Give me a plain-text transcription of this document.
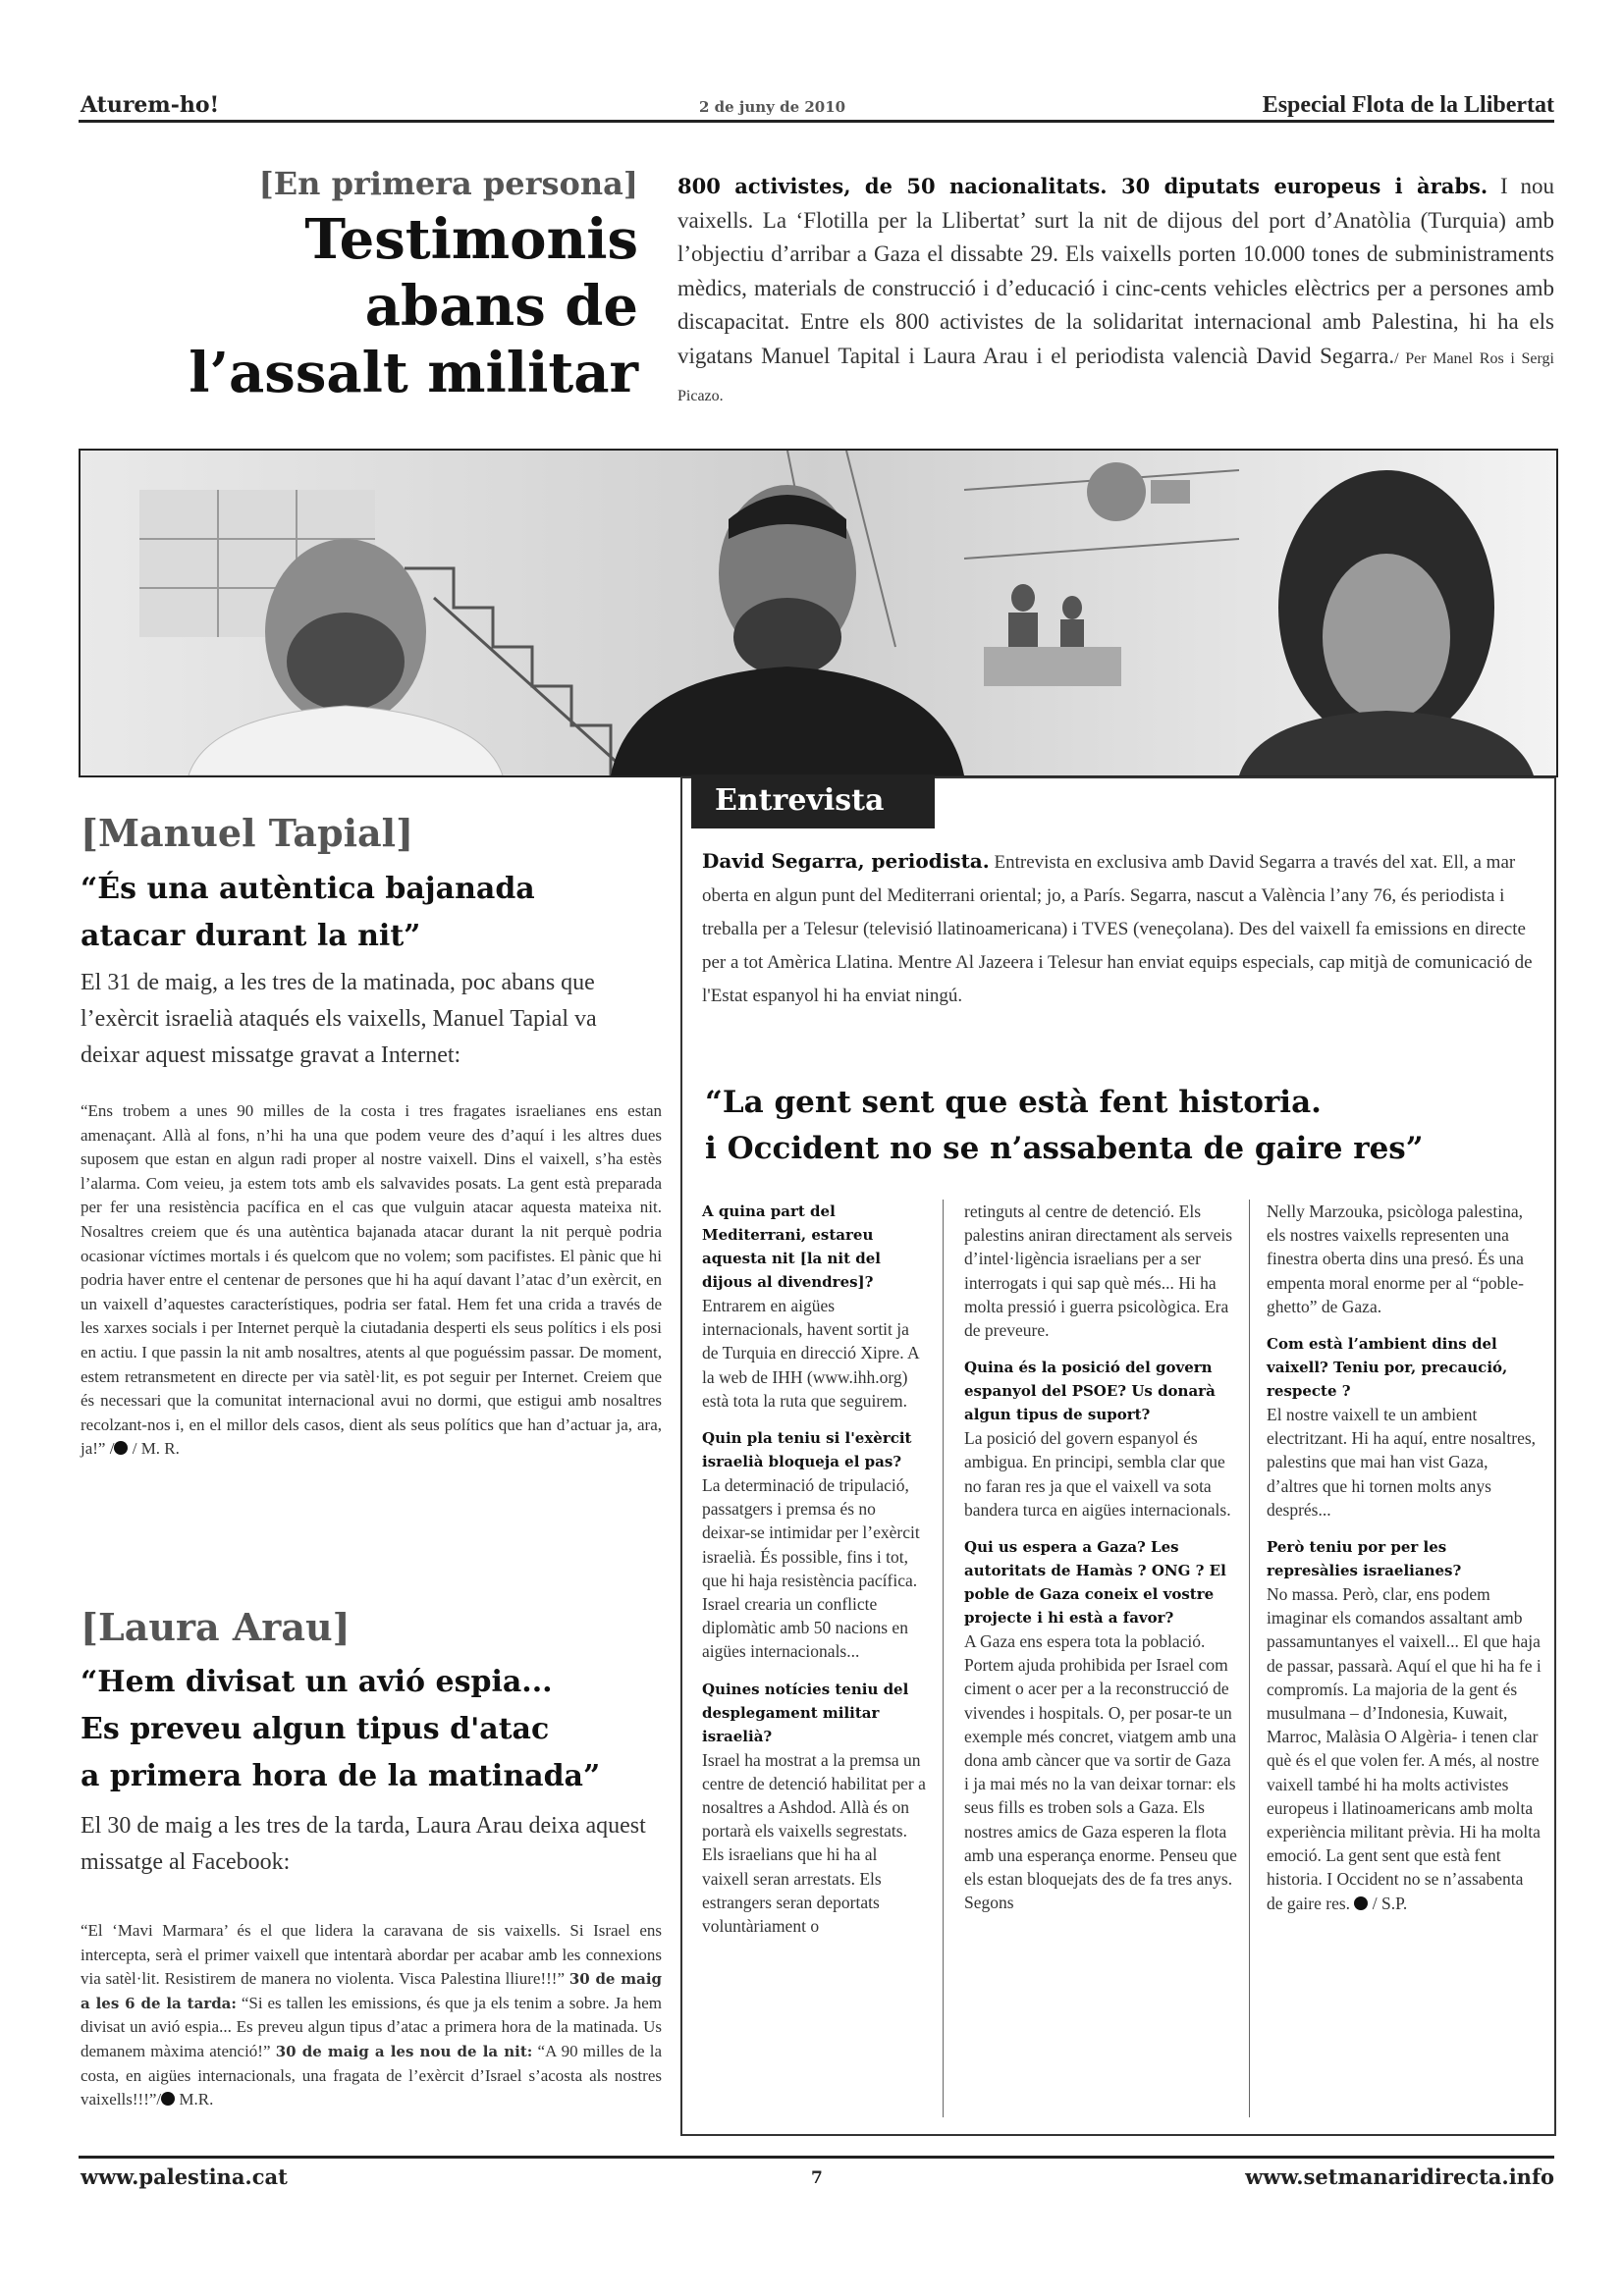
Aturem-ho!	2 de juny de 2010	Especial Flota de la Llibertat
[En primera persona]
Testimonis
abans de
l’assalt militar
800 activistes, de 50 nacionalitats. 30 diputats europeus i àrabs. I nou vaixells. La ‘Flotilla per la Llibertat’ surt la nit de dijous del port d’Anatòlia (Turquia) amb l’objectiu d’arribar a Gaza el dissabte 29. Els vaixells porten 10.000 tones de subministraments mèdics, materials de construcció i d’educació i cinc-cents vehicles elèctrics per a persones amb discapacitat. Entre els 800 activistes de la solidaritat internacional amb Palestina, hi ha els vigatans Manuel Tapital i Laura Arau i el periodista valencià David Segarra./ Per Manel Ros i Sergi Picazo.
[Manuel Tapial]
“És una autèntica bajanada
atacar durant la nit”
El 31 de maig, a les tres de la matinada, poc abans que l’exèrcit israelià ataqués els vaixells, Manuel Tapial va deixar aquest missatge gravat a Internet:

“Ens trobem a unes 90 milles de la costa i tres fragates israelianes ens estan amenaçant. Allà al fons, n’hi ha una que podem veure des d’aquí i les altres dues suposem que estan en algun radi proper al nostre vaixell. Dins el vaixell, s’ha estès l’alarma. Com veieu, ja estem tots amb els salvavides posats. La gent està preparada per fer una resistència pacífica en el cas que vulguin atacar aquesta mateixa nit. Nosaltres creiem que és una autèntica bajanada atacar durant la nit perquè podria ocasionar víctimes mortals i és quelcom que no volem; som pacifistes. El pànic que hi podria haver entre el centenar de persones que hi ha aquí davant l’atac d’un exèrcit, en un vaixell d’aquestes característiques, podria ser fatal. Hem fet una crida a través de les xarxes socials i per Internet perquè la ciutadania desperti els seus polítics i els posi en actiu. I que passin la nit amb nosaltres, atents al que poguéssim passar. De moment, estem retransmetent en directe per via satèl·lit, es pot seguir per Internet. Creiem que és necessari que la comunitat internacional avui no dormi, que estigui amb nosaltres recolzant-nos i, en el millor dels casos, dient als seus polítics que han d’actuar ja, ara, ja!” / / M. R.

[Laura Arau]
“Hem divisat un avió espia...
Es preveu algun tipus d'atac
a primera hora de la matinada”
El 30 de maig a les tres de la tarda, Laura Arau deixa aquest missatge al Facebook:

“El ‘Mavi Marmara’ és el que lidera la caravana de sis vaixells. Si Israel ens intercepta, serà el primer vaixell que intentarà abordar per acabar amb les connexions via satèl·lit. Resistirem de manera no violenta. Visca Palestina lliure!!!” 30 de maig a les 6 de la tarda: “Si es tallen les emissions, és que ja els tenim a sobre. Ja hem divisat un avió espia... Es preveu algun tipus d’atac a primera hora de la matinada. Us demanem màxima atenció!” 30 de maig a les nou de la nit: “A 90 milles de la costa, en aigües internacionals, una fragata de l’exèrcit d’Israel s’acosta als nostres vaixells!!!”/ M.R.

Entrevista
David Segarra, periodista. Entrevista en exclusiva amb David Segarra a través del xat. Ell, a mar oberta en algun punt del Mediterrani oriental; jo, a París. Segarra, nascut a València l’any 76, és periodista i treballa per a Telesur (televisió llatinoamericana) i TVES (veneçolana). Des del vaixell fa emissions en directe per a tot Amèrica Llatina. Mentre Al Jazeera i Telesur han enviat equips especials, cap mitjà de comunicació de l'Estat espanyol hi ha enviat ningú.
“La gent sent que està fent historia.
i Occident no se n’assabenta de gaire res”

A quina part del Mediterrani, estareu aquesta nit [la nit del dijous al divendres]?

Entrarem en aigües internacionals, havent sortit ja de Turquia en direcció Xipre. A la web de IHH (www.ihh.org) està tota la ruta que seguirem.

Quin pla teniu si l'exèrcit israelià bloqueja el pas?

La determinació de tripulació, passatgers i premsa és no deixar-se intimidar per l’exèrcit israelià. És possible, fins i tot, que hi haja resistència pacífica. Israel crearia un conflicte diplomàtic amb 50 nacions en aigües internacionals...

Quines notícies teniu del desplegament militar israelià?

Israel ha mostrat a la premsa un centre de detenció habilitat per a nosaltres a Ashdod. Allà és on portarà els vaixells segrestats. Els israelians que hi ha al vaixell seran arrestats. Els estrangers seran deportats voluntàriament o

retinguts al centre de detenció. Els palestins aniran directament als serveis d’intel·ligència israelians per a ser interrogats i qui sap què més... Hi ha molta pressió i guerra psicològica. Era de preveure.

Quina és la posició del govern espanyol del PSOE? Us donarà algun tipus de suport?

La posició del govern espanyol és ambigua. En principi, sembla clar que no faran res ja que el vaixell va sota bandera turca en aigües internacionals.

Qui us espera a Gaza? Les autoritats de Hamàs ? ONG ? El poble de Gaza coneix el vostre projecte i hi està a favor?

A Gaza ens espera tota la població. Portem ajuda prohibida per Israel com ciment o acer per a la reconstrucció de vivendes i hospitals. O, per posar-te un exemple més concret, viatgem amb una dona amb càncer que va sortir de Gaza i ja mai més no la van deixar tornar: els seus fills es troben sols a Gaza. Els nostres amics de Gaza esperen la flota amb una esperança enorme. Penseu que els estan bloquejats des de fa tres anys. Segons

Nelly Marzouka, psicòloga palestina, els nostres vaixells representen una finestra oberta dins una presó. És una empenta moral enorme per al “poble-ghetto” de Gaza.

Com està l’ambient dins del vaixell? Teniu por, precaució, respecte ?

El nostre vaixell te un ambient electritzant. Hi ha aquí, entre nosaltres, palestins que mai han vist Gaza, d’altres que hi tornen molts anys després...

Però teniu por per les represàlies israelianes?

No massa. Però, clar, ens podem imaginar els comandos assaltant amb passamuntanyes el vaixell... El que haja de passar, passarà. Aquí el que hi ha fe i compromís. La majoria de la gent és musulmana – d’Indonesia, Kuwait, Marroc, Malàsia O Algèria- i tenen clar què és el que volen fer. A més, al nostre vaixell també hi ha molts activistes europeus i llatinoamericans amb molta experiència militant prèvia. Hi ha molta emoció. La gent sent que està fent historia. I Occident no se n’assabenta de gaire res. / S.P.

www.palestina.cat	7	www.setmanaridirecta.info
